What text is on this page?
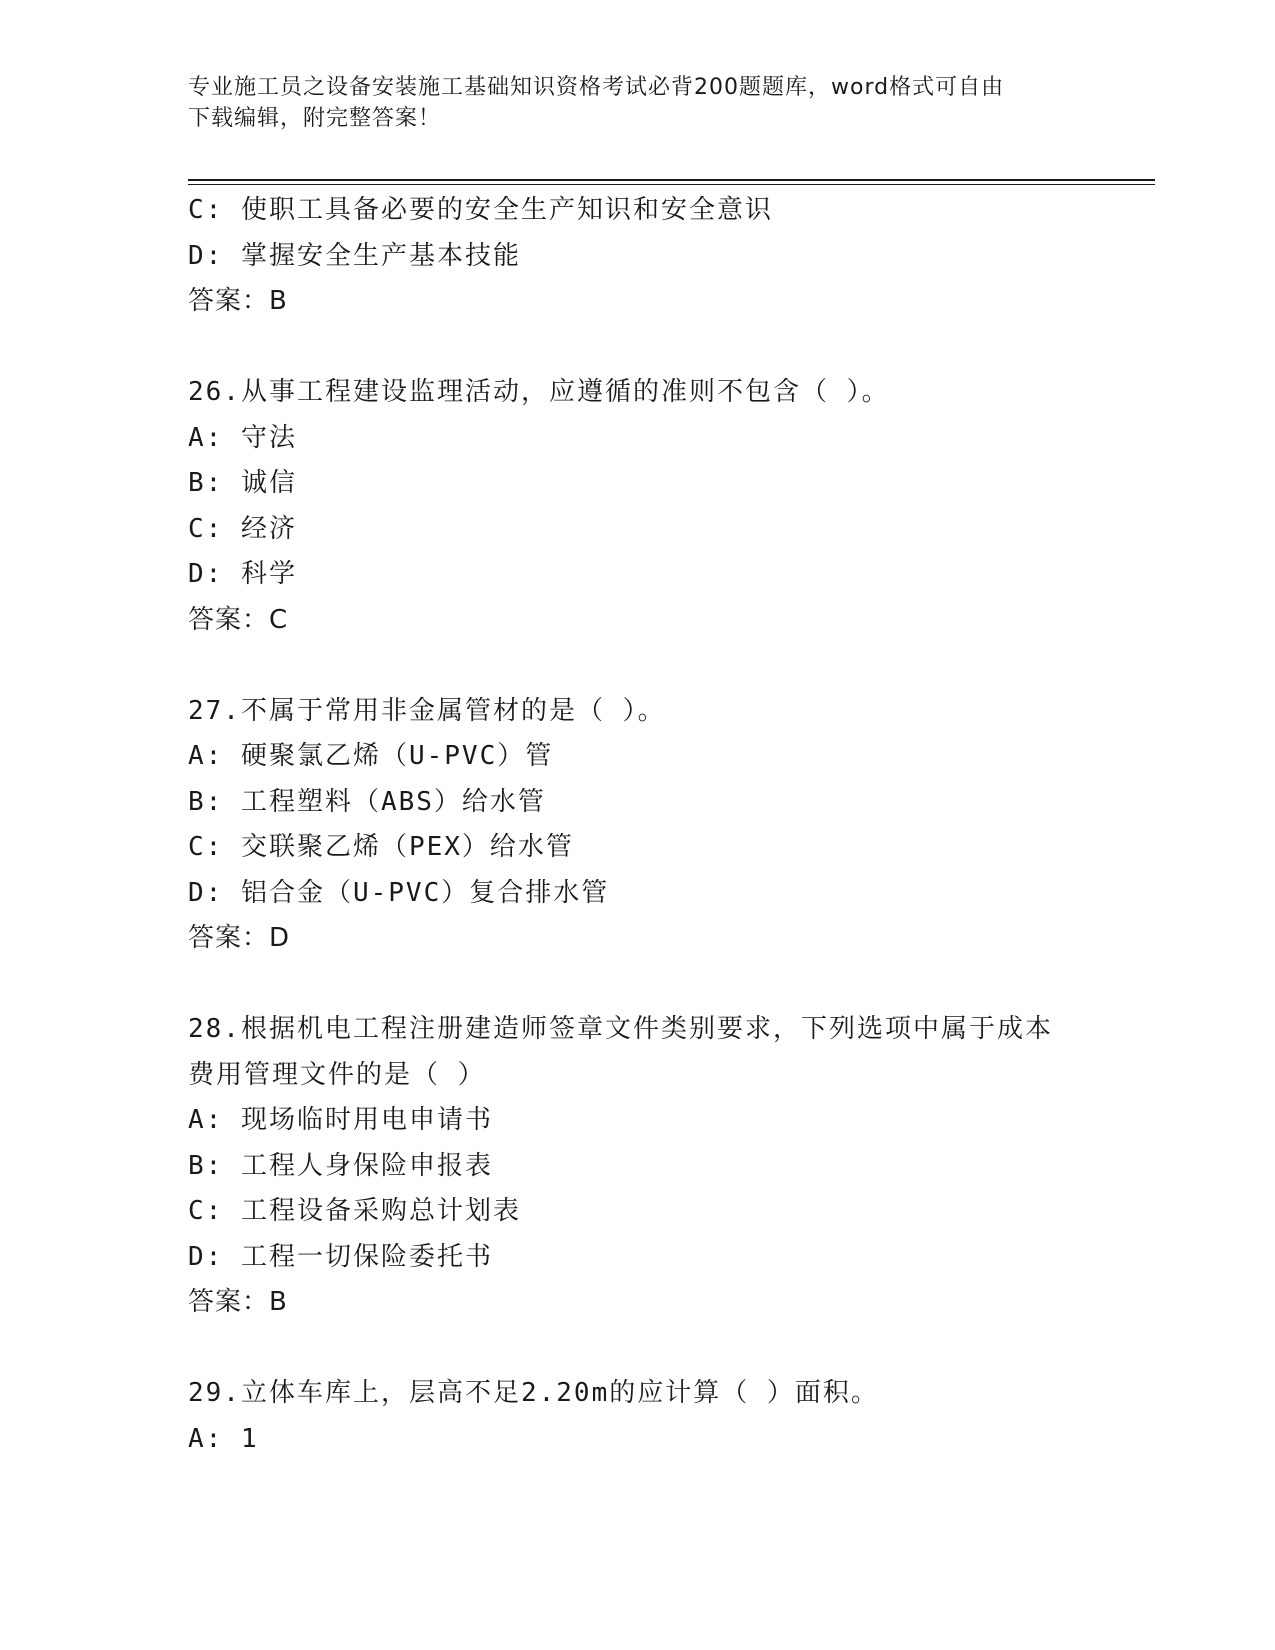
专业施工员之设备安装施工基础知识资格考试必背200题题库，word格式可自由
下载编辑，附完整答案！
C: 使职工具备必要的安全生产知识和安全意识
D: 掌握安全生产基本技能
答案：B
26.从事工程建设监理活动，应遵循的准则不包含（ ）。
A: 守法
B: 诚信
C: 经济
D: 科学
答案：C
27.不属于常用非金属管材的是（ ）。
A: 硬聚氯乙烯（U-PVC）管
B: 工程塑料（ABS）给水管
C: 交联聚乙烯（PEX）给水管
D: 铝合金（U-PVC）复合排水管
答案：D
28.根据机电工程注册建造师签章文件类别要求，下列选项中属于成本
费用管理文件的是（ ）
A: 现场临时用电申请书
B: 工程人身保险申报表
C: 工程设备采购总计划表
D: 工程一切保险委托书
答案：B
29.立体车库上，层高不足2.20m的应计算（ ）面积。
A: 1
